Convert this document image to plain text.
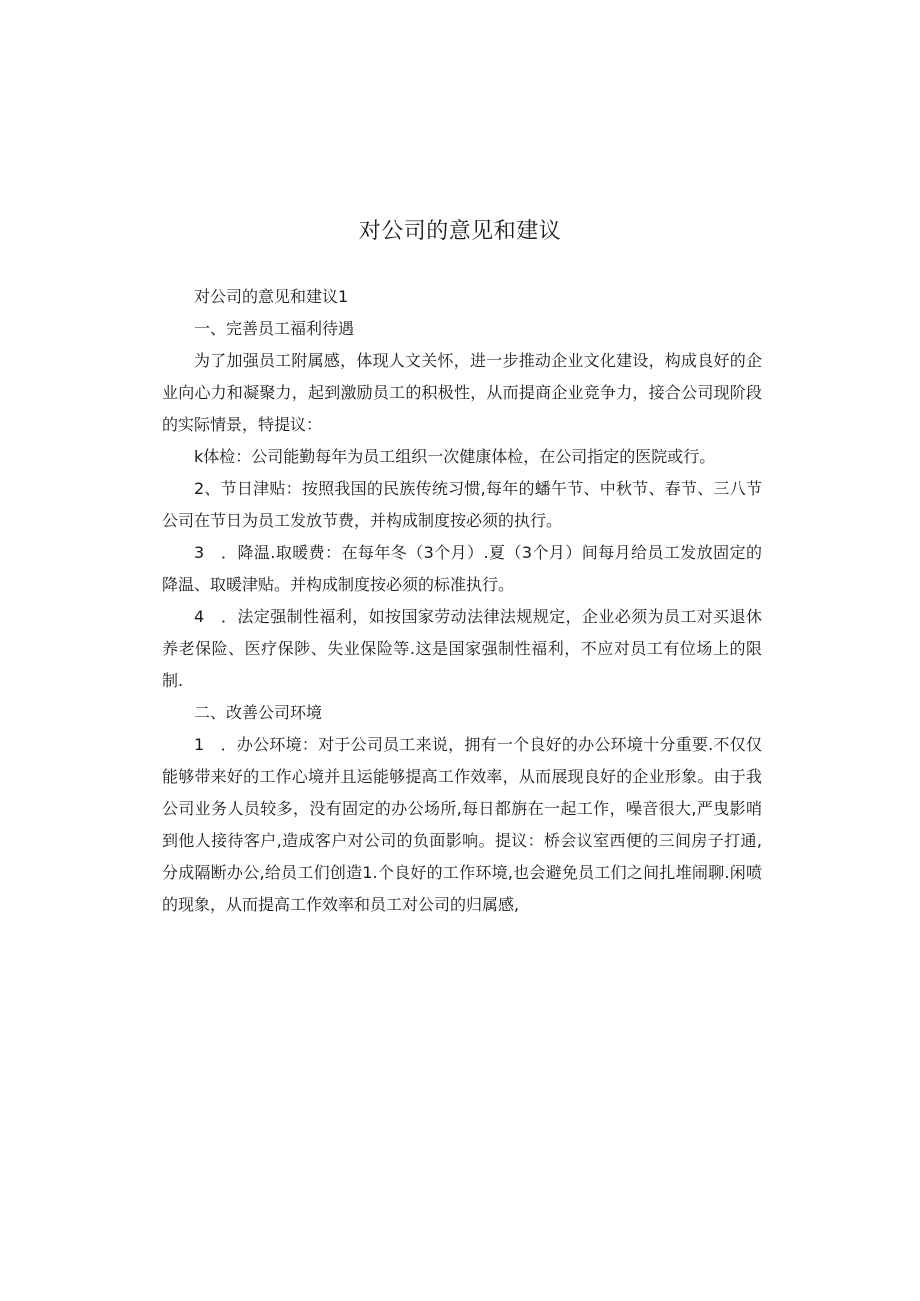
对公司的意见和建议

对公司的意见和建议1

一、完善员工福利待遇

为了加强员工附属感，体现人文关怀，进一步推动企业文化建设，构成良好的企业向心力和凝聚力，起到激励员工的积极性，从而提商企业竞争力，接合公司现阶段的实际情景，特提议：

k体检：公司能勤每年为员工组织一次健康体检，在公司指定的医院或行。

2、节日津贴：按照我国的民族传统习惯,每年的蟠午节、中秋节、春节、三八节公司在节日为员工发放节费，并构成制度按必须的执行。

3　．降温.取暖费：在每年冬（3个月）.夏（3个月）间每月给员工发放固定的降温、取暖津贴。并构成制度按必须的标准执行。

4　．法定强制性福利，如按国家劳动法律法规规定，企业必须为员工对买退休养老保险、医疗保陟、失业保险等.这是国家强制性福利，不应对员工有位场上的限制.

二、改善公司环境

1　．办公环境：对于公司员工来说，拥有一个良好的办公环境十分重要.不仅仅能够带来好的工作心境并且运能够提高工作效率，从而展现良好的企业形象。由于我公司业务人员较多，没有固定的办公场所,每日都旃在一起工作，噪音很大,严曳影哨到他人接待客户,造成客户对公司的负面影响。提议：桥会议室西便的三间房子打通,分成隔断办公,给员工们创造1.个良好的工作环境,也会避免员工们之间扎堆闹聊.闲喷的现象，从而提高工作效率和员工对公司的归属感,
